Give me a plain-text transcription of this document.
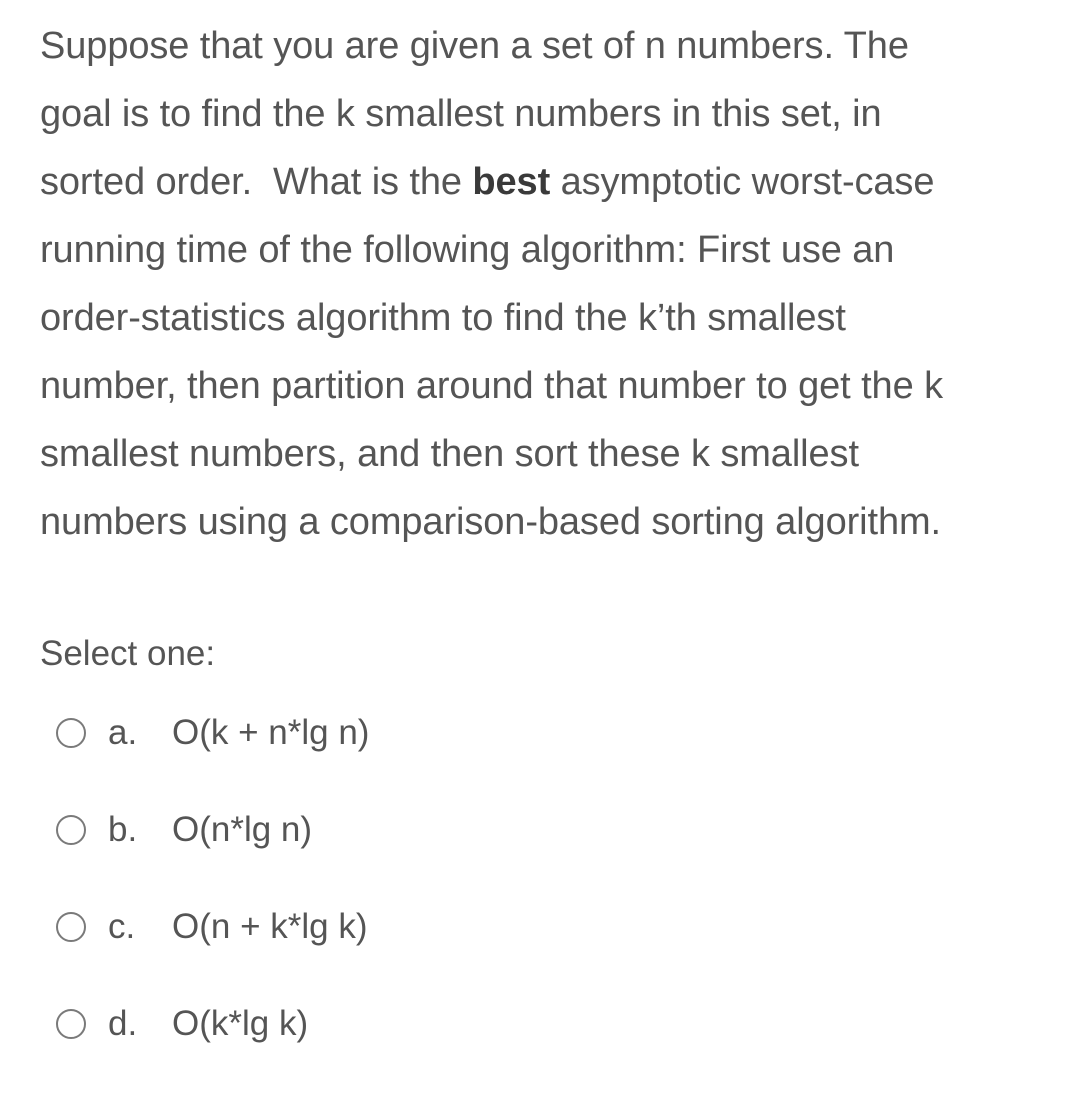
Suppose that you are given a set of n numbers. The
goal is to find the k smallest numbers in this set, in
sorted order.  What is the best asymptotic worst-case
running time of the following algorithm: First use an
order-statistics algorithm to find the k’th smallest
number, then partition around that number to get the k
smallest numbers, and then sort these k smallest
numbers using a comparison-based sorting algorithm.
Select one:
a. O(k + n*lg n)
b. O(n*lg n)
c.	O(n + k*lg k)
d. O(k*lg k)
